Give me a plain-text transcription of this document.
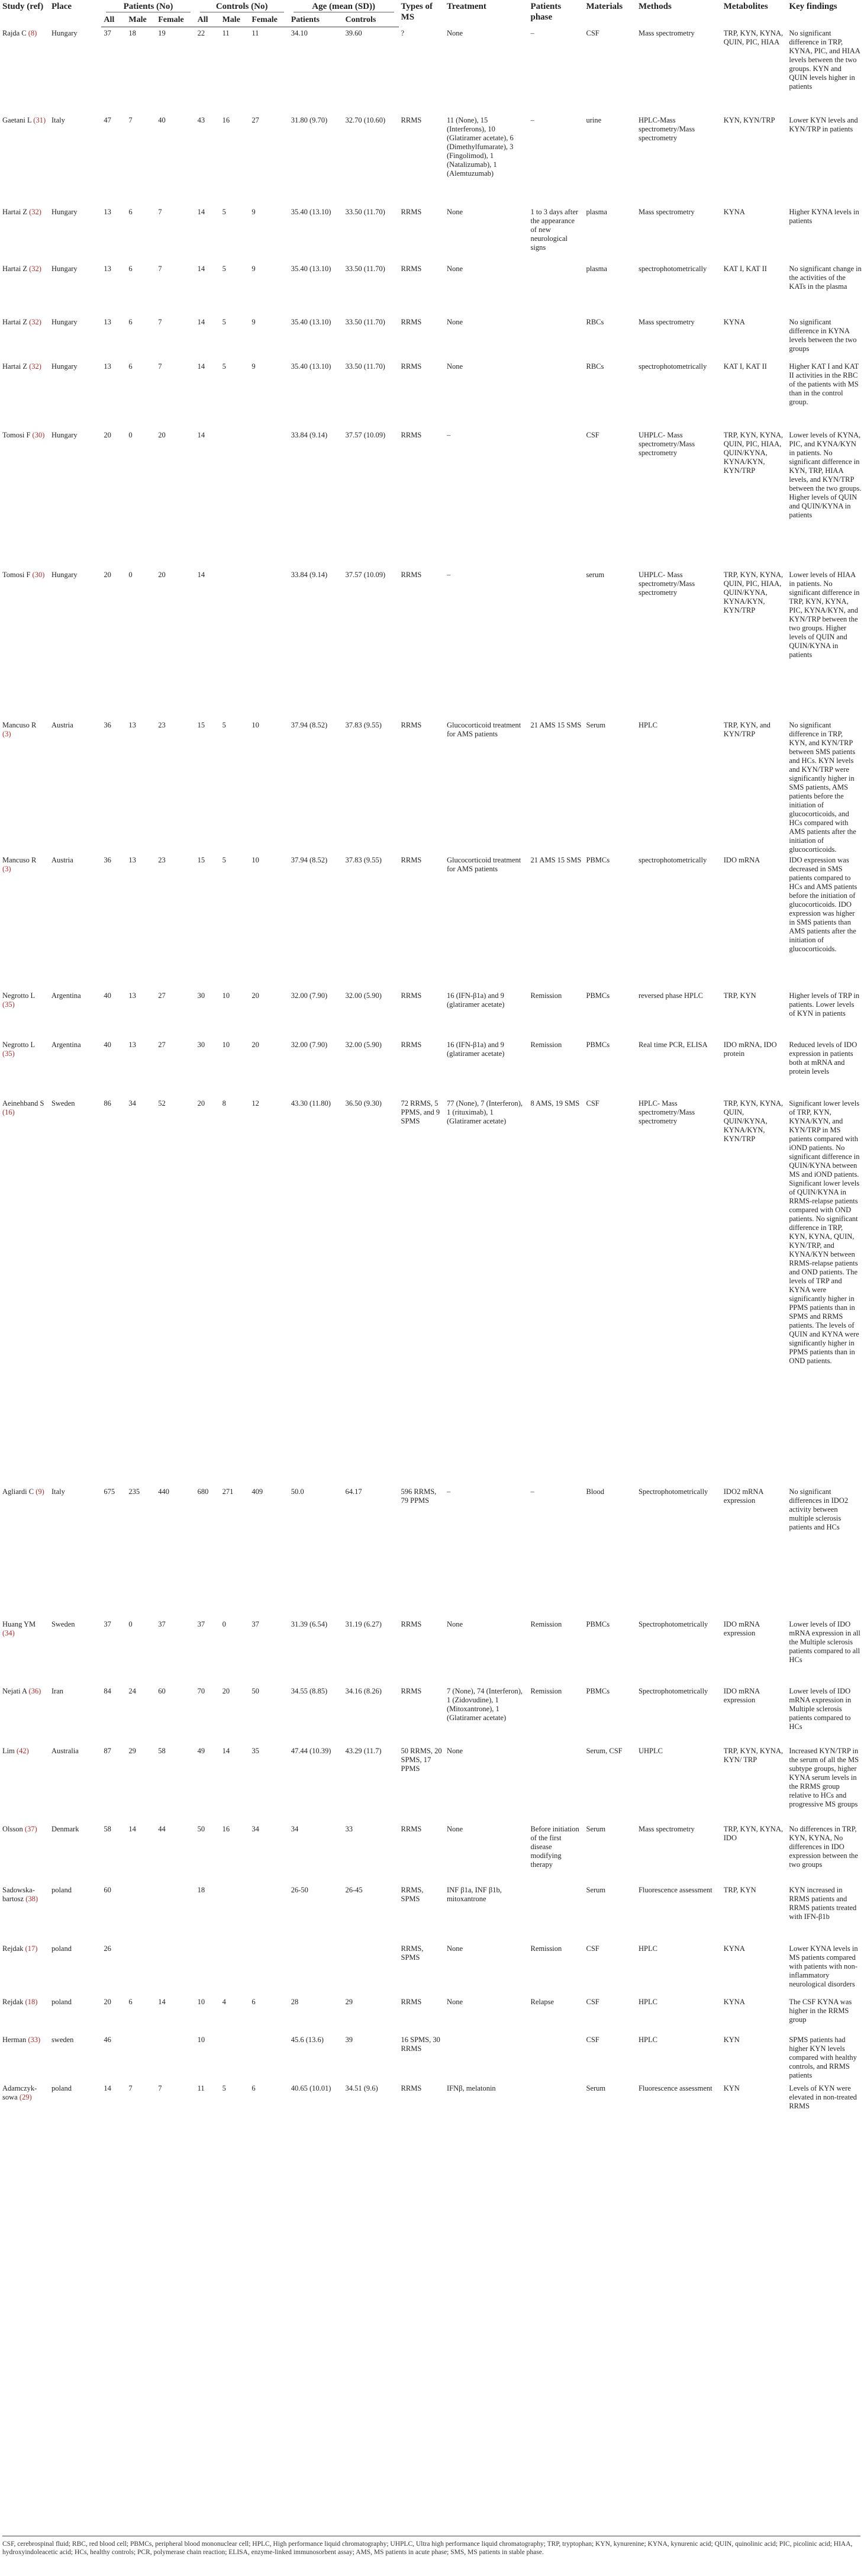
Study (ref)	Place	Patients (No)			Controls (No)			Age (mean (SD))		Types of MS	Treatment	Patients phase	Materials	Methods	Metabolites	Key findings
		All	Male	Female	All	Male	Female	Patients	Controls							
Rajda C (8)	Hungary	37	18	19	22	11	11	34.10	39.60	?	None	–	CSF	Mass spectrometry	TRP, KYN, KYNA, QUIN, PIC, HIAA	No significant difference in TRP, KYNA, PIC, and HIAA levels between the two groups. KYN and QUIN levels higher in patients
Gaetani L (31)	Italy	47	7	40	43	16	27	31.80 (9.70)	32.70 (10.60)	RRMS	11 (None), 15 (Interferons), 10 (Glatiramer acetate), 6 (Dimethylfumarate), 3 (Fingolimod), 1 (Natalizumab), 1 (Alemtuzumab)	–	urine	HPLC-Mass spectrometry/Mass spectrometry	KYN, KYN/TRP	Lower KYN levels and KYN/TRP in patients
Hartai Z (32)	Hungary	13	6	7	14	5	9	35.40 (13.10)	33.50 (11.70)	RRMS	None	1 to 3 days after the appearance of new neurological signs	plasma	Mass spectrometry	KYNA	Higher KYNA levels in patients
Hartai Z (32)	Hungary	13	6	7	14	5	9	35.40 (13.10)	33.50 (11.70)	RRMS	None		plasma	spectrophotometrically	KAT I, KAT II	No significant change in the activities of the KATs in the plasma
Hartai Z (32)	Hungary	13	6	7	14	5	9	35.40 (13.10)	33.50 (11.70)	RRMS	None		RBCs	Mass spectrometry	KYNA	No significant difference in KYNA levels between the two groups
Hartai Z (32)	Hungary	13	6	7	14	5	9	35.40 (13.10)	33.50 (11.70)	RRMS	None		RBCs	spectrophotometrically	KAT I, KAT II	Higher KAT I and KAT II activities in the RBC of the patients with MS than in the control group.
Tomosi F (30)	Hungary	20	0	20	14			33.84 (9.14)	37.57 (10.09)	RRMS	–		CSF	UHPLC- Mass spectrometry/Mass spectrometry	TRP, KYN, KYNA, QUIN, PIC, HIAA, QUIN/KYNA, KYNA/KYN, KYN/TRP	Lower levels of KYNA, PIC, and KYNA/KYN in patients. No significant difference in KYN, TRP, HIAA levels, and KYN/TRP between the two groups. Higher levels of QUIN and QUIN/KYNA in patients
Tomosi F (30)	Hungary	20	0	20	14			33.84 (9.14)	37.57 (10.09)	RRMS	–		serum	UHPLC- Mass spectrometry/Mass spectrometry	TRP, KYN, KYNA, QUIN, PIC, HIAA, QUIN/KYNA, KYNA/KYN, KYN/TRP	Lower levels of HIAA in patients. No significant difference in TRP, KYN, KYNA, PIC, KYNA/KYN, and KYN/TRP between the two groups. Higher levels of QUIN and QUIN/KYNA in patients
Mancuso R (3)	Austria	36	13	23	15	5	10	37.94 (8.52)	37.83 (9.55)	RRMS	Glucocorticoid treatment for AMS patients	21 AMS 15 SMS	Serum	HPLC	TRP, KYN, and KYN/TRP	No significant difference in TRP, KYN, and KYN/TRP between SMS patients and HCs. KYN levels and KYN/TRP were significantly higher in SMS patients, AMS patients before the initiation of glucocorticoids, and HCs compared with AMS patients after the initiation of glucocorticoids.
Mancuso R (3)	Austria	36	13	23	15	5	10	37.94 (8.52)	37.83 (9.55)	RRMS	Glucocorticoid treatment for AMS patients	21 AMS 15 SMS	PBMCs	spectrophotometrically	IDO mRNA	IDO expression was decreased in SMS patients compared to HCs and AMS patients before the initiation of glucocorticoids. IDO expression was higher in SMS patients than AMS patients after the initiation of glucocorticoids.
Negrotto L (35)	Argentina	40	13	27	30	10	20	32.00 (7.90)	32.00 (5.90)	RRMS	16 (IFN-β1a) and 9 (glatiramer acetate)	Remission	PBMCs	reversed phase HPLC	TRP, KYN	Higher levels of TRP in patients. Lower levels of KYN in patients
Negrotto L (35)	Argentina	40	13	27	30	10	20	32.00 (7.90)	32.00 (5.90)	RRMS	16 (IFN-β1a) and 9 (glatiramer acetate)	Remission	PBMCs	Real time PCR, ELISA	IDO mRNA, IDO protein	Reduced levels of IDO expression in patients both at mRNA and protein levels
Aeinehband S (16)	Sweden	86	34	52	20	8	12	43.30 (11.80)	36.50 (9.30)	72 RRMS, 5 PPMS, and 9 SPMS	77 (None), 7 (Interferon), 1 (rituximab), 1 (Glatiramer acetate)	8 AMS, 19 SMS	CSF	HPLC- Mass spectrometry/Mass spectrometry	TRP, KYN, KYNA, QUIN, QUIN/KYNA, KYNA/KYN, KYN/TRP	Significant lower levels of TRP, KYN, KYNA/KYN, and KYN/TRP in MS patients compared with iOND patients. No significant difference in QUIN/KYNA between MS and iOND patients. Significant lower levels of QUIN/KYNA in RRMS-relapse patients compared with OND patients. No significant difference in TRP, KYN, KYNA, QUIN, KYN/TRP, and KYNA/KYN between RRMS-relapse patients and OND patients. The levels of TRP and KYNA were significantly higher in PPMS patients than in SPMS and RRMS patients. The levels of QUIN and KYNA were significantly higher in PPMS patients than in OND patients.
Agliardi C (9)	Italy	675	235	440	680	271	409	50.0	64.17	596 RRMS, 79 PPMS	–	–	Blood	Spectrophotometrically	IDO2 mRNA expression	No significant differences in IDO2 activity between multiple sclerosis patients and HCs
Huang YM (34)	Sweden	37	0	37	37	0	37	31.39 (6.54)	31.19 (6.27)	RRMS	None	Remission	PBMCs	Spectrophotometrically	IDO mRNA expression	Lower levels of IDO mRNA expression in all the Multiple sclerosis patients compared to all HCs
Nejati A (36)	Iran	84	24	60	70	20	50	34.55 (8.85)	34.16 (8.26)	RRMS	7 (None), 74 (Interferon), 1 (Zidovudine), 1 (Mitoxantrone), 1 (Glatiramer acetate)	Remission	PBMCs	Spectrophotometrically	IDO mRNA expression	Lower levels of IDO mRNA expression in Multiple sclerosis patients compared to HCs
Lim (42)	Australia	87	29	58	49	14	35	47.44 (10.39)	43.29 (11.7)	50 RRMS, 20 SPMS, 17 PPMS	None		Serum, CSF	UHPLC	TRP, KYN, KYNA, KYN/ TRP	Increased KYN/TRP in the serum of all the MS subtype groups, higher KYNA serum levels in the RRMS group relative to HCs and progressive MS groups
Olsson (37)	Denmark	58	14	44	50	16	34	34	33	RRMS	None	Before initiation of the first disease modifying therapy	Serum	Mass spectrometry	TRP, KYN, KYNA, IDO	No differences in TRP, KYN, KYNA, No differences in IDO expression between the two groups
Sadowska-bartosz (38)	poland	60			18			26-50	26-45	RRMS, SPMS	INF β1a, INF β1b, mitoxantrone		Serum	Fluorescence assessment	TRP, KYN	KYN increased in RRMS patients and RRMS patients treated with IFN-β1b
Rejdak (17)	poland	26								RRMS, SPMS	None	Remission	CSF	HPLC	KYNA	Lower KYNA levels in MS patients compared with patients with non-inflammatory neurological disorders
Rejdak (18)	poland	20	6	14	10	4	6	28	29	RRMS	None	Relapse	CSF	HPLC	KYNA	The CSF KYNA was higher in the RRMS group
Herman (33)	sweden	46			10			45.6 (13.6)	39	16 SPMS, 30 RRMS			CSF	HPLC	KYN	SPMS patients had higher KYN levels compared with healthy controls, and RRMS patients
Adamczyk-sowa (29)	poland	14	7	7	11	5	6	40.65 (10.01)	34.51 (9.6)	RRMS	IFNβ, melatonin		Serum	Fluorescence assessment	KYN	Levels of KYN were elevated in non-treated RRMS
CSF, cerebrospinal fluid; RBC, red blood cell; PBMCs, peripheral blood mononuclear cell; HPLC, High performance liquid chromatography; UHPLC, Ultra high performance liquid chromatography; TRP, tryptophan; KYN, kynurenine; KYNA, kynurenic acid; QUIN, quinolinic acid; PIC, picolinic acid; HIAA, hydroxyindoleacetic acid; HCs, healthy controls; PCR, polymerase chain reaction; ELISA, enzyme-linked immunosorbent assay; AMS, MS patients in acute phase; SMS, MS patients in stable phase.
